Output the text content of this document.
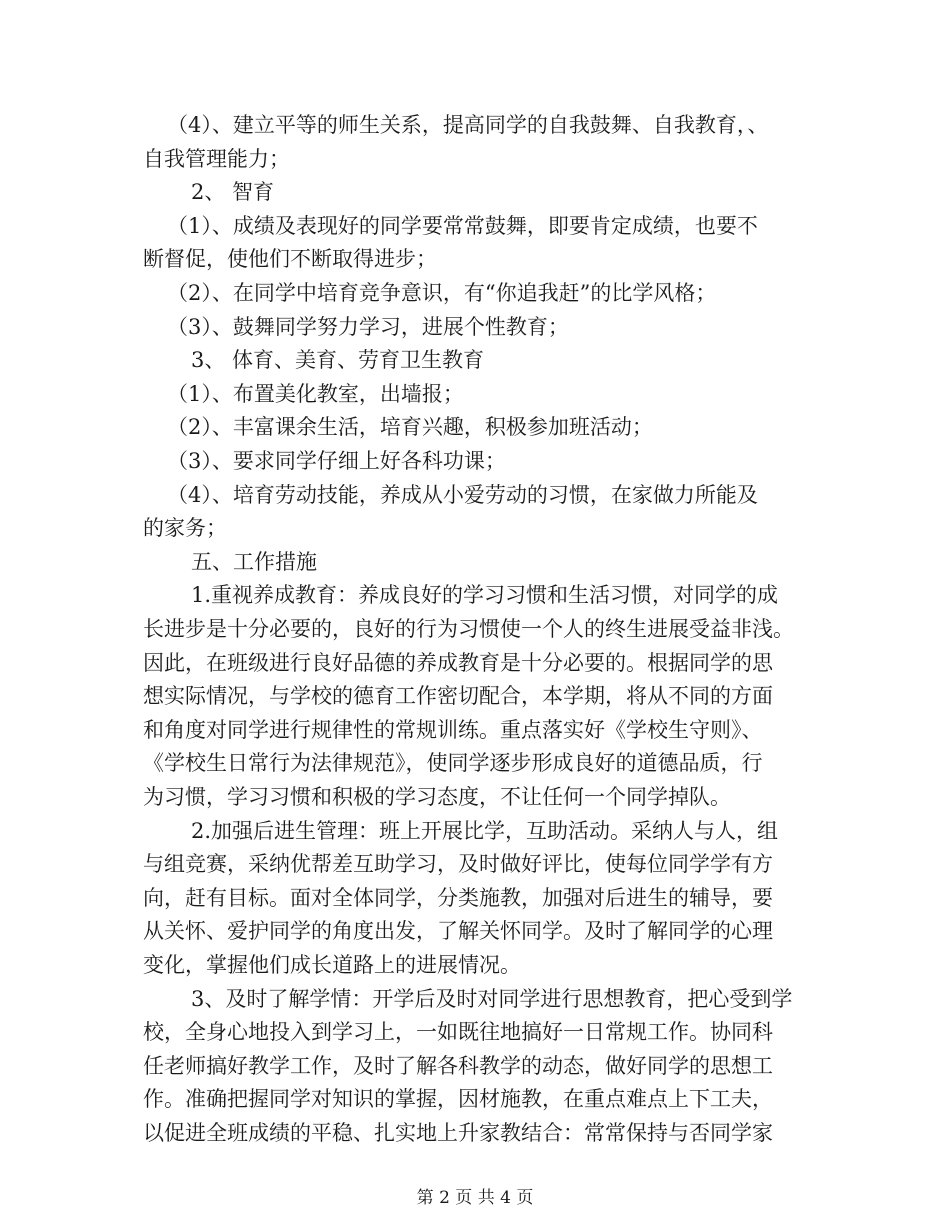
（4）、建立平等的师生关系，提高同学的自我鼓舞、自我教育，、
自我管理能力；
2、 智育
（1）、成绩及表现好的同学要常常鼓舞，即要肯定成绩，也要不
断督促，使他们不断取得进步；
（2）、在同学中培育竞争意识，有“你追我赶”的比学风格；
（3）、鼓舞同学努力学习，进展个性教育；
3、 体育、美育、劳育卫生教育
（1）、布置美化教室，出墙报；
（2）、丰富课余生活，培育兴趣，积极参加班活动；
（3）、要求同学仔细上好各科功课；
（4）、培育劳动技能，养成从小爱劳动的习惯，在家做力所能及
的家务；
五、工作措施
1.重视养成教育：养成良好的学习习惯和生活习惯，对同学的成
长进步是十分必要的，良好的行为习惯使一个人的终生进展受益非浅。
因此，在班级进行良好品德的养成教育是十分必要的。根据同学的思
想实际情况，与学校的德育工作密切配合，本学期，将从不同的方面
和角度对同学进行规律性的常规训练。重点落实好《学校生守则》、
《学校生日常行为法律规范》，使同学逐步形成良好的道德品质，行
为习惯，学习习惯和积极的学习态度，不让任何一个同学掉队。
2.加强后进生管理：班上开展比学，互助活动。采纳人与人，组
与组竞赛，采纳优帮差互助学习，及时做好评比，使每位同学学有方
向，赶有目标。面对全体同学，分类施教，加强对后进生的辅导，要
从关怀、爱护同学的角度出发，了解关怀同学。及时了解同学的心理
变化，掌握他们成长道路上的进展情况。
3、及时了解学情：开学后及时对同学进行思想教育，把心受到学
校，全身心地投入到学习上，一如既往地搞好一日常规工作。协同科
任老师搞好教学工作，及时了解各科教学的动态，做好同学的思想工
作。准确把握同学对知识的掌握，因材施教，在重点难点上下工夫，
以促进全班成绩的平稳、扎实地上升家教结合：常常保持与否同学家
第 2 页 共 4 页
